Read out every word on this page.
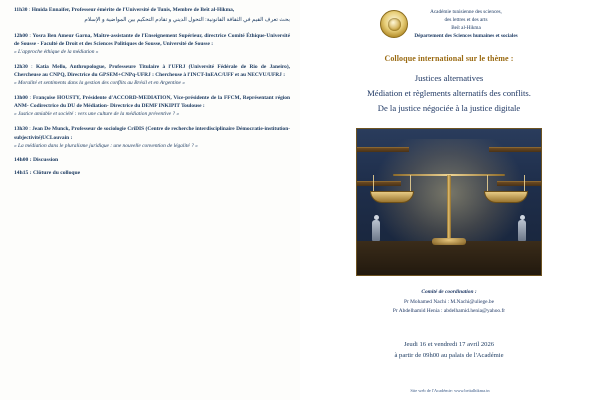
11h30 : Hmida Ennaifer, Professeur émérite de l'Université de Tunis, Membre de Beït al-Hikma,
بحث تعرف القيم في الثقافة القانونية: التحول الديني و تقادم التحكيم بين المواضية و الإسلام
12h00 : Yosra Ben Ameur Garna, Maître-assistante de l'Enseignement Supérieur, directrice Comité Éthique-Université de Sousse - Faculté de Droit et des Sciences Politiques de Sousse, Université de Sousse :
« L'approche éthique de la médiation »
12h30 : Katia Mello, Anthropologue, Professeure Titulaire à l'UFRJ (Université Fédérale de Rio de Janeiro), Chercheuse au CNPQ, Directrice du GPSEM+CNPq-UFRJ : Chercheuse à l'INCT-InEAC/UFF et au NECVU/UFRJ :
« Moralité et sentiments dans la gestion des conflits au Brésil et en Argentine »
13h00 : Françoise HOUSTY, Présidente d'ACCORD-MEDIATION, Vice-présidente de la FFCM, Représentant région ANM- Codirectrice du DU de Médiation- Directrice du DEMF INKIPIT Toulouse :
« Justice amiable et société : vers une culture de la médiation préventive ? »
13h30 : Jean De Munck, Professeur de sociologie CriDIS (Centre de recherche interdisciplinaire Démocratie-institution-subjectivité)UCLouvain :
« La médiation dans le pluralisme juridique : une nouvelle convention de légalité ? »
14h00 : Discussion
14h15 : Clôture du colloque
Académie tunisienne des sciences,
des lettres et des arts
Beït al-Hikma
Département des Sciences humaines et sociales
Colloque international sur le thème :
Justices alternatives
Médiation et règlements alternatifs des conflits.
De la justice négociée à la justice digitale
Comité de coordination :
Pr Mohamed Nachi : M.Nachi@uliege.be
Pr Abdelhamid Henia : abdelhamid.henia@yahoo.fr
Jeudi 16 et vendredi 17 avril 2026
à partir de 09h00 au palais de l'Académie
Site web de l'Académie: www.beitalhikma.tn
